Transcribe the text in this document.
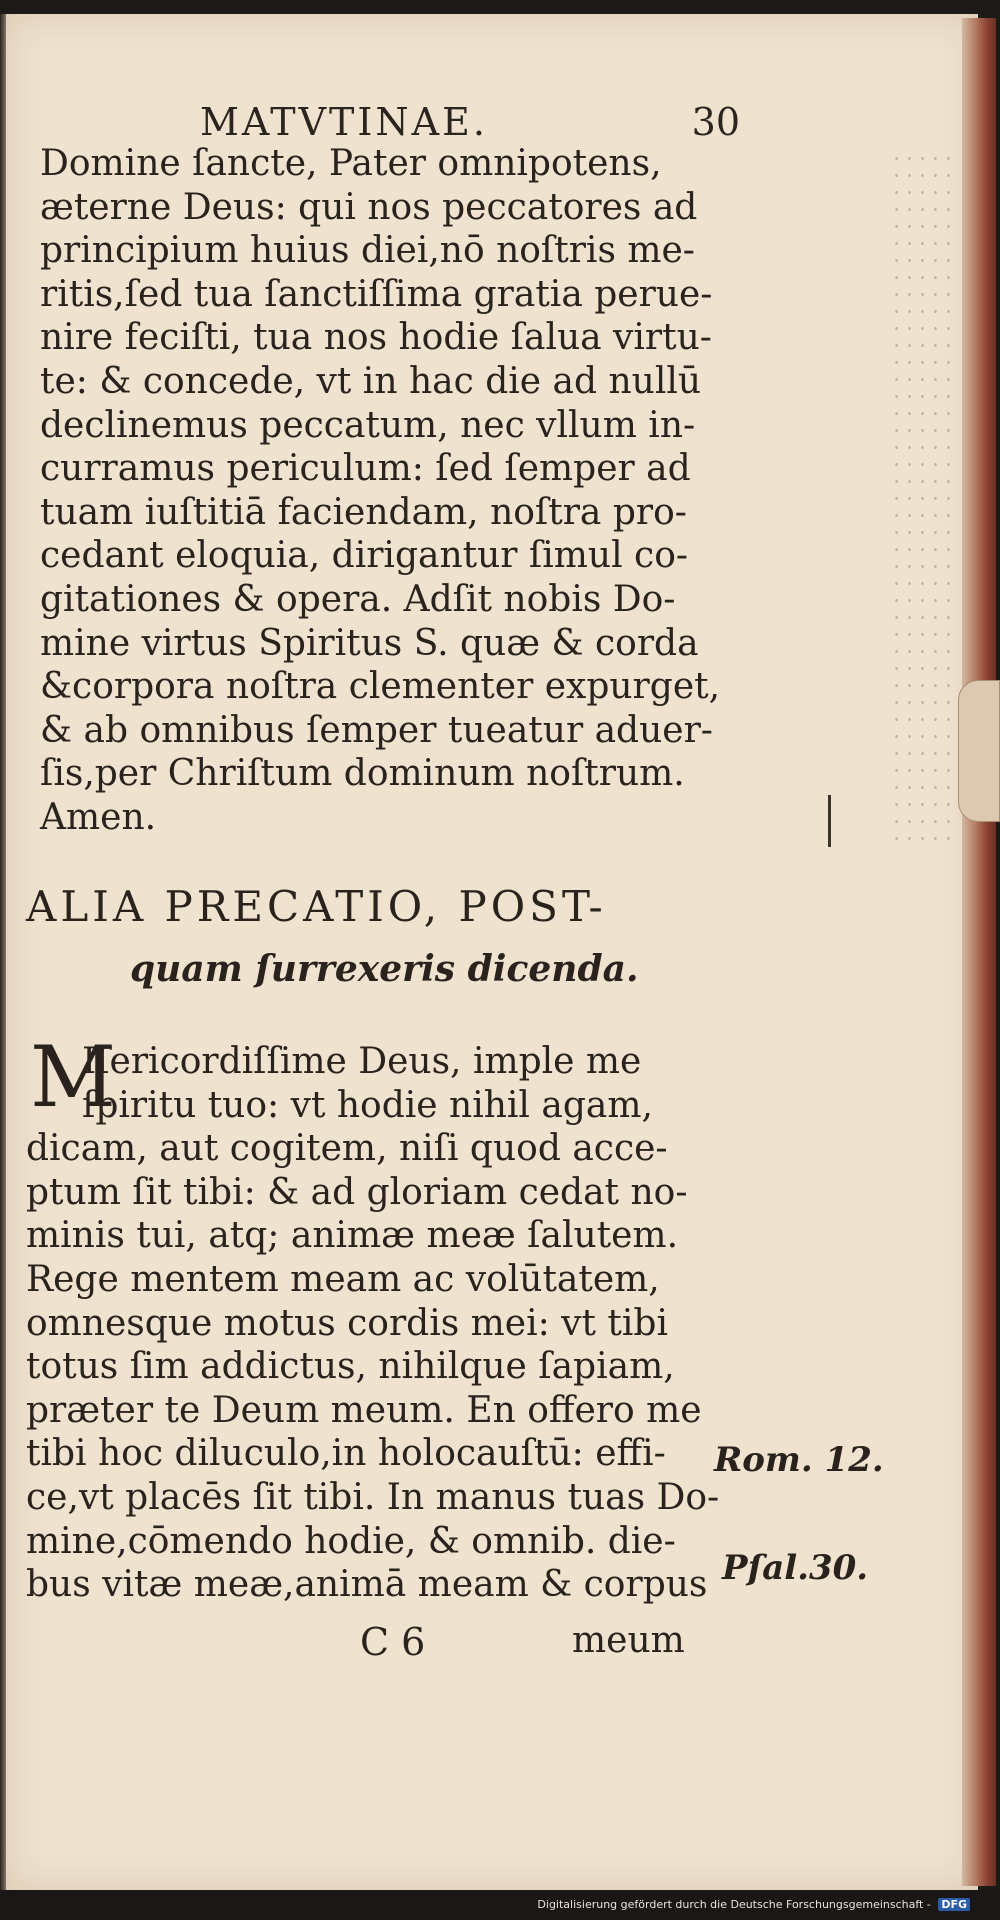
MATVTINAE.	30
Domine ſancte, Pater omnipotens,
æterne Deus: qui nos peccatores ad
principium huius diei,nō noſtris me-
ritis,ſed tua ſanctiſſima gratia perue-
nire feciſti, tua nos hodie ſalua virtu-
te: & concede, vt in hac die ad nullū
declinemus peccatum, nec vllum in-
curramus periculum: ſed ſemper ad
tuam iuſtitiā faciendam, noſtra pro-
cedant eloquia, dirigantur ſimul co-
gitationes & opera. Adſit nobis Do-
mine virtus Spiritus S. quæ & corda
&corpora noſtra clementer expurget,
& ab omnibus ſemper tueatur aduer-
ſis,per Chriſtum dominum noſtrum.
Amen.
ALIA PRECATIO, POST-
quam ſurrexeris dicenda.
M
Iſericordiſſime Deus, imple me
ſpiritu tuo: vt hodie nihil agam,
dicam, aut cogitem, niſi quod acce-
ptum ſit tibi: & ad gloriam cedat no-
minis tui, atq; animæ meæ ſalutem.
Rege mentem meam ac volūtatem,
omnesque motus cordis mei: vt tibi
totus ſim addictus, nihilque ſapiam,
præter te Deum meum. En offero me
tibi hoc diluculo,in holocauſtū: effi-
ce,vt placēs ſit tibi. In manus tuas Do-
mine,cōmendo hodie, & omnib. die-
bus vitæ meæ,animā meam & corpus
Rom. 12.
Pſal.30.
C 6	meum
Digitalisierung gefördert durch die Deutsche Forschungsgemeinschaft - DFG
